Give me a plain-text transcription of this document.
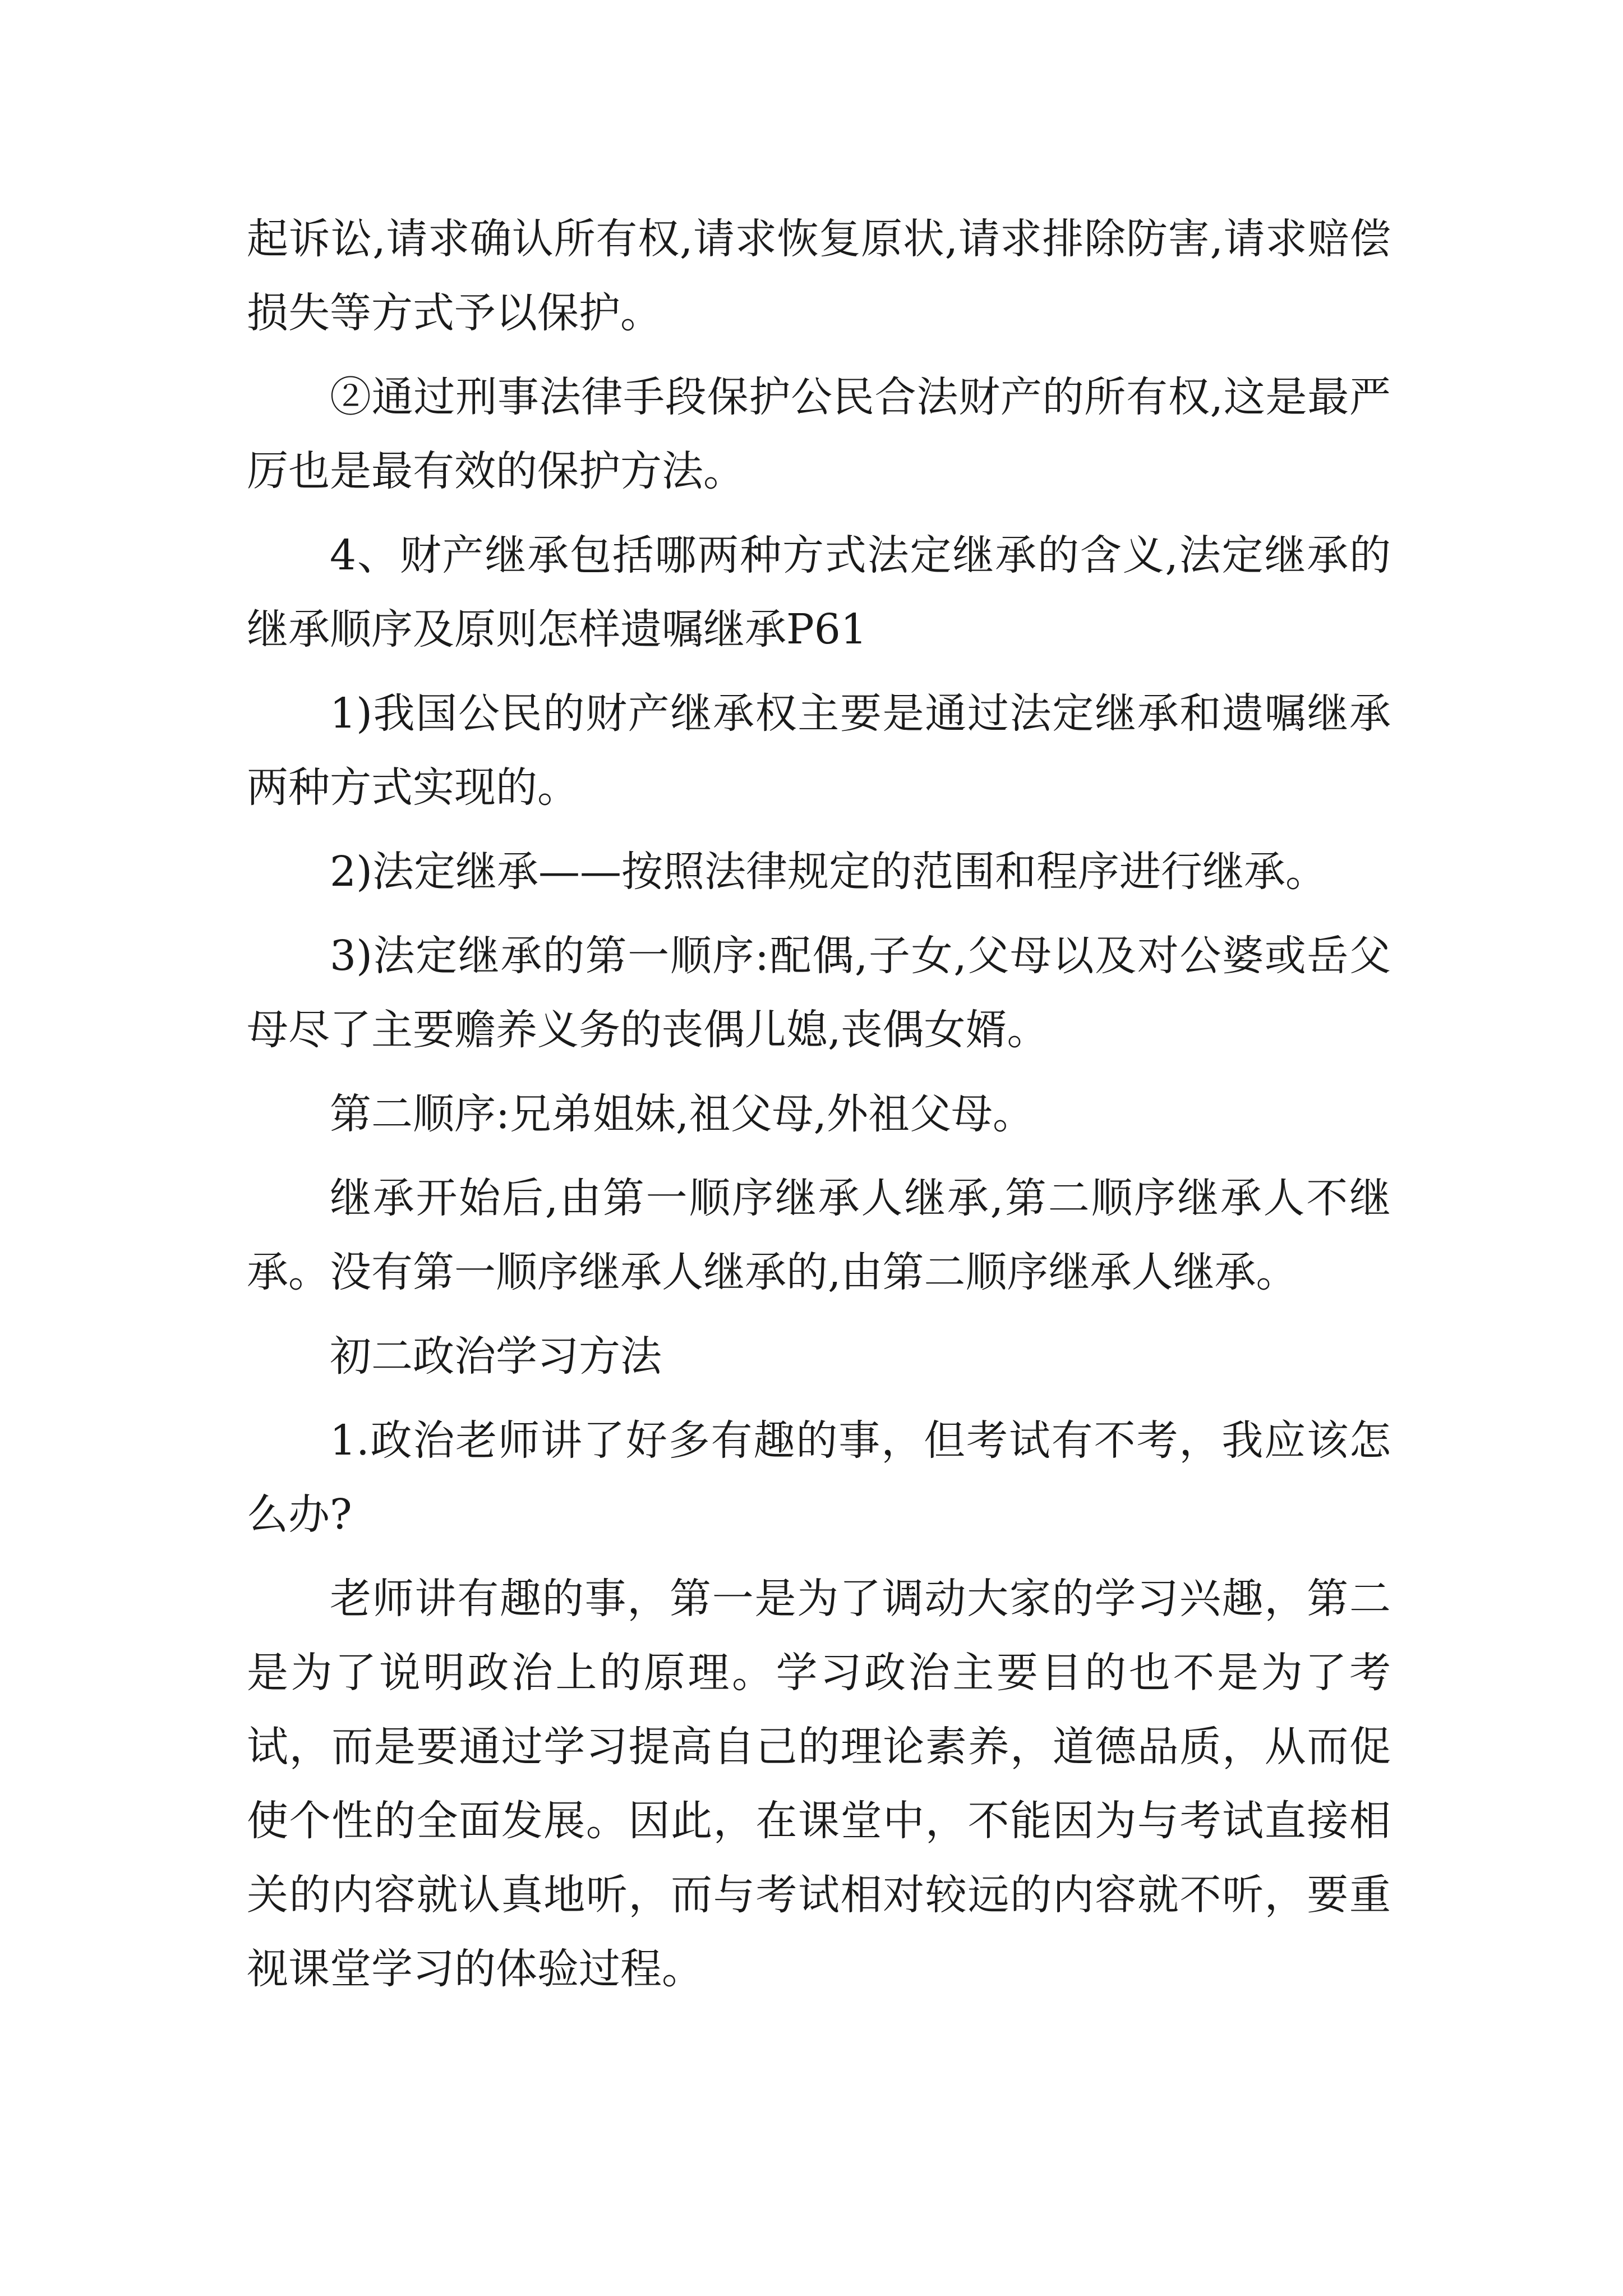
起诉讼,请求确认所有权,请求恢复原状,请求排除防害,请求赔偿损失等方式予以保护。

②通过刑事法律手段保护公民合法财产的所有权,这是最严厉也是最有效的保护方法。

4、财产继承包括哪两种方式法定继承的含义,法定继承的继承顺序及原则怎样遗嘱继承P61

1)我国公民的财产继承权主要是通过法定继承和遗嘱继承两种方式实现的。

2)法定继承——按照法律规定的范围和程序进行继承。

3)法定继承的第一顺序:配偶,子女,父母以及对公婆或岳父母尽了主要赡养义务的丧偶儿媳,丧偶女婿。

第二顺序:兄弟姐妹,祖父母,外祖父母。

继承开始后,由第一顺序继承人继承,第二顺序继承人不继承。没有第一顺序继承人继承的,由第二顺序继承人继承。

初二政治学习方法

1.政治老师讲了好多有趣的事，但考试有不考，我应该怎么办?

老师讲有趣的事，第一是为了调动大家的学习兴趣，第二是为了说明政治上的原理。学习政治主要目的也不是为了考试，而是要通过学习提高自己的理论素养，道德品质，从而促使个性的全面发展。因此，在课堂中，不能因为与考试直接相关的内容就认真地听，而与考试相对较远的内容就不听，要重视课堂学习的体验过程。
